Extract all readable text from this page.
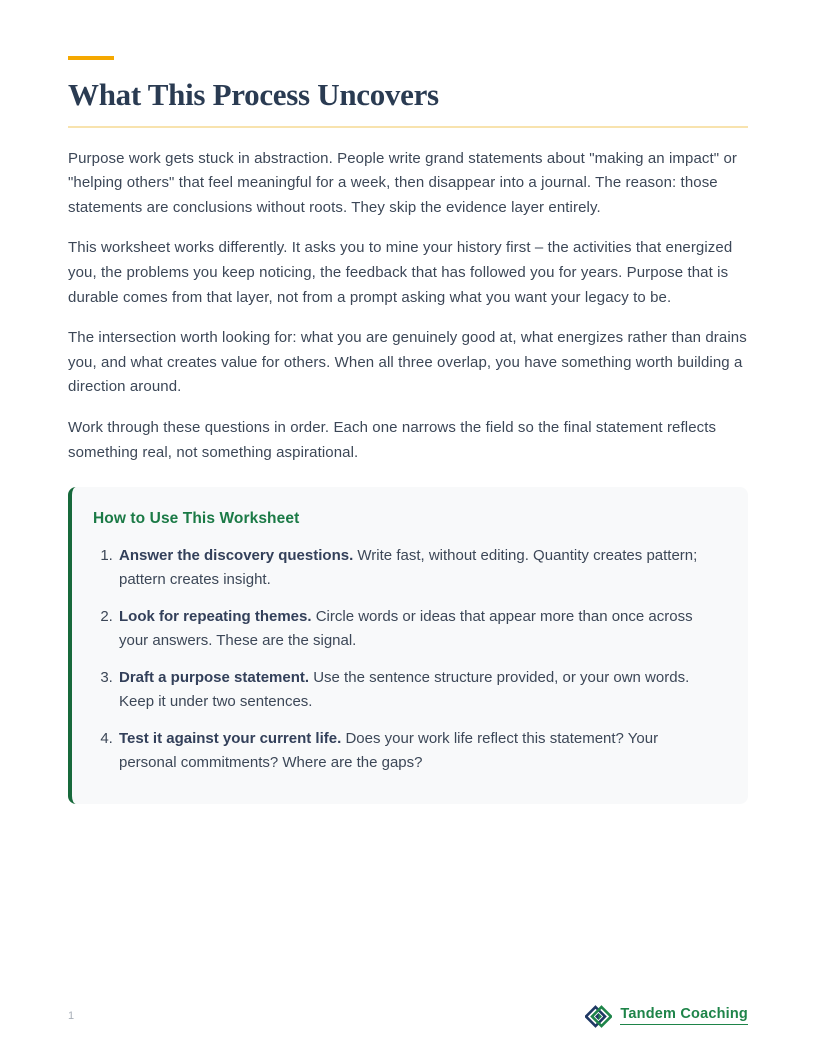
What This Process Uncovers

Purpose work gets stuck in abstraction. People write grand statements about "making an impact" or "helping others" that feel meaningful for a week, then disappear into a journal. The reason: those statements are conclusions without roots. They skip the evidence layer entirely.

This worksheet works differently. It asks you to mine your history first – the activities that energized you, the problems you keep noticing, the feedback that has followed you for years. Purpose that is durable comes from that layer, not from a prompt asking what you want your legacy to be.

The intersection worth looking for: what you are genuinely good at, what energizes rather than drains you, and what creates value for others. When all three overlap, you have something worth building a direction around.

Work through these questions in order. Each one narrows the field so the final statement reflects something real, not something aspirational.

How to Use This Worksheet
1. Answer the discovery questions. Write fast, without editing. Quantity creates pattern; pattern creates insight.
2. Look for repeating themes. Circle words or ideas that appear more than once across your answers. These are the signal.
3. Draft a purpose statement. Use the sentence structure provided, or your own words. Keep it under two sentences.
4. Test it against your current life. Does your work life reflect this statement? Your personal commitments? Where are the gaps?
1	Tandem Coaching
